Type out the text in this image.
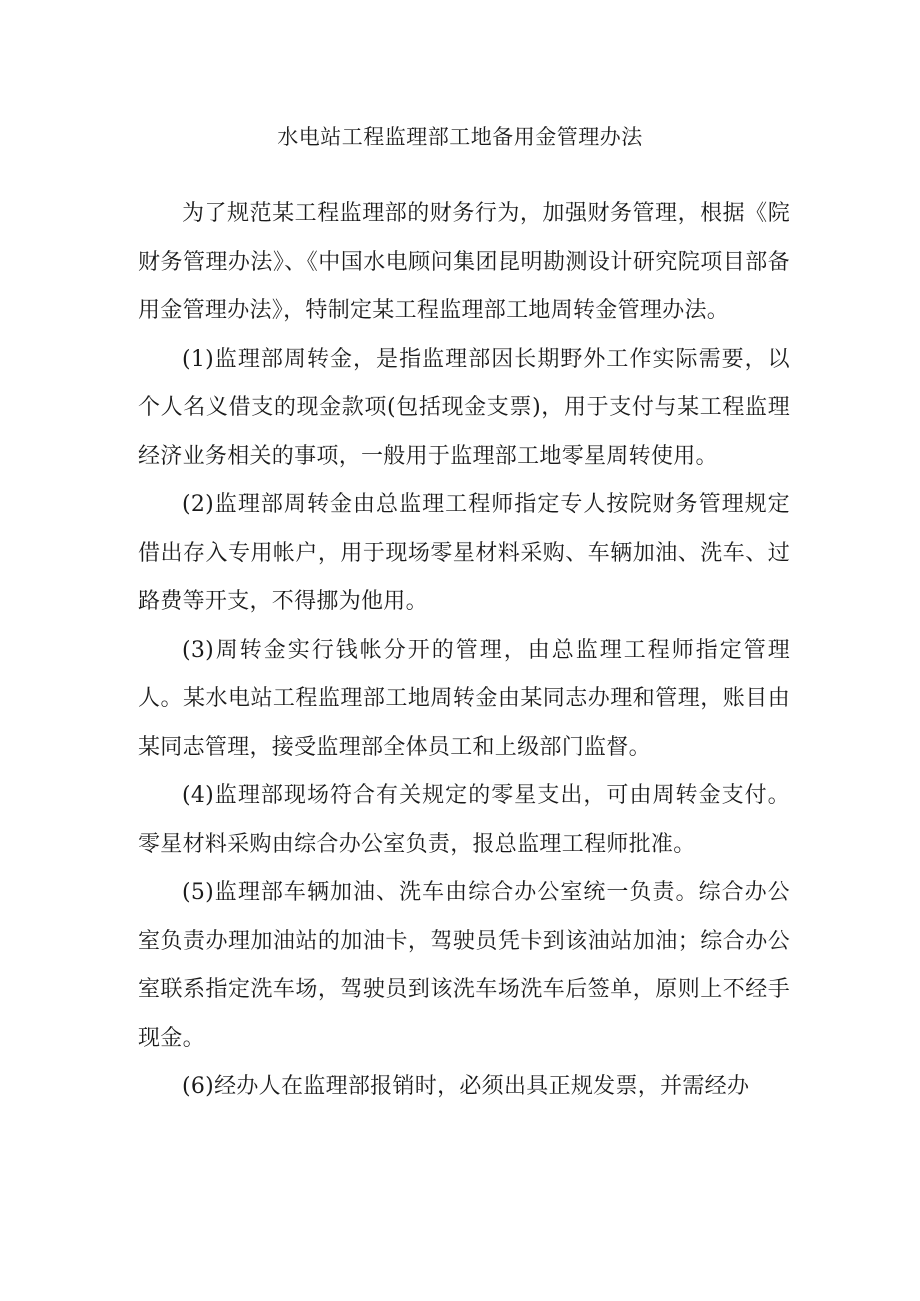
水电站工程监理部工地备用金管理办法

为了规范某工程监理部的财务行为，加强财务管理，根据《院财务管理办法》、《中国水电顾问集团昆明勘测设计研究院项目部备用金管理办法》，特制定某工程监理部工地周转金管理办法。

(1)监理部周转金，是指监理部因长期野外工作实际需要，以个人名义借支的现金款项(包括现金支票)，用于支付与某工程监理经济业务相关的事项，一般用于监理部工地零星周转使用。

(2)监理部周转金由总监理工程师指定专人按院财务管理规定借出存入专用帐户，用于现场零星材料采购、车辆加油、洗车、过路费等开支，不得挪为他用。

(3)周转金实行钱帐分开的管理，由总监理工程师指定管理人。某水电站工程监理部工地周转金由某同志办理和管理，账目由某同志管理，接受监理部全体员工和上级部门监督。

(4)监理部现场符合有关规定的零星支出，可由周转金支付。零星材料采购由综合办公室负责，报总监理工程师批准。

(5)监理部车辆加油、洗车由综合办公室统一负责。综合办公室负责办理加油站的加油卡，驾驶员凭卡到该油站加油；综合办公室联系指定洗车场，驾驶员到该洗车场洗车后签单，原则上不经手现金。

(6)经办人在监理部报销时，必须出具正规发票，并需经办
